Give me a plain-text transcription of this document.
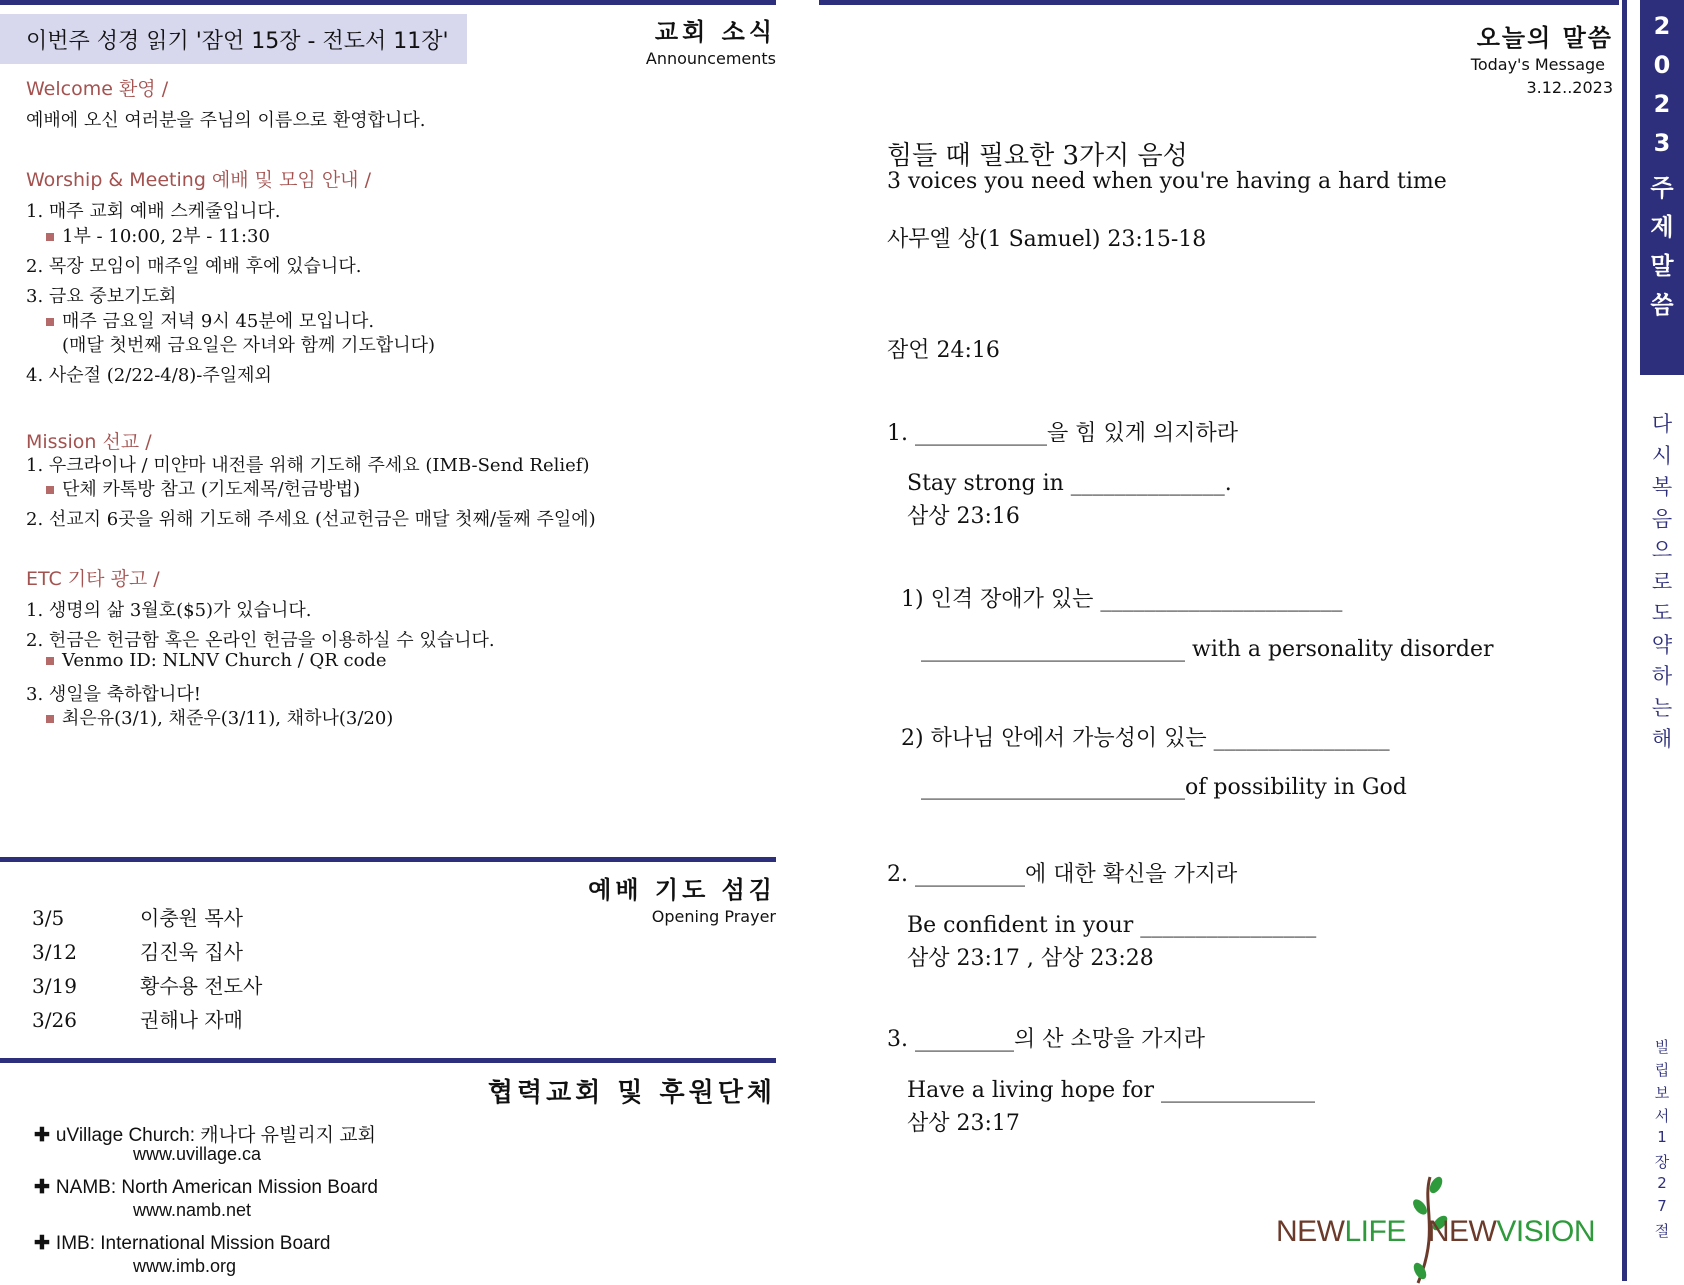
이번주 성경 읽기 '잠언 15장 - 전도서 11장'	교회 소식
Announcements
Welcome 환영 /
예배에 오신 여러분을 주님의 이름으로 환영합니다.
Worship & Meeting 예배 및 모임 안내 /
1. 매주 교회 예배 스케줄입니다.
1부 - 10:00, 2부 - 11:30
2. 목장 모임이 매주일 예배 후에 있습니다.
3. 금요 중보기도회
매주 금요일 저녁 9시 45분에 모입니다.
(매달 첫번째 금요일은 자녀와 함께 기도합니다)
4. 사순절 (2/22-4/8)-주일제외
Mission 선교 /
1. 우크라이나 / 미얀마 내전를 위해 기도해 주세요 (IMB-Send Relief)
단체 카톡방 참고 (기도제목/헌금방법)
2. 선교지 6곳을 위해 기도해 주세요 (선교헌금은 매달 첫째/둘째 주일에)
ETC 기타 광고 /
1. 생명의 삶 3월호($5)가 있습니다.
2. 헌금은 헌금함 혹은 온라인 헌금을 이용하실 수 있습니다.
Venmo ID: NLNV Church / QR code
3. 생일을 축하합니다!
최은유(3/1), 채준우(3/11), 채하나(3/20)
예배 기도 섬김
Opening Prayer
3/5	이충원 목사
3/12	김진욱 집사
3/19	황수용 전도사
3/26	권해나 자매
협력교회 및 후원단체
✚ uVillage Church: 캐나다 유빌리지 교회
www.uvillage.ca
✚ NAMB: North American Mission Board
www.namb.net
✚ IMB: International Mission Board
www.imb.org
오늘의 말씀
Today's Message
3.12..2023
힘들 때 필요한 3가지 음성
3 voices you need when you're having a hard time
사무엘 상(1 Samuel) 23:15-18
잠언 24:16
1. ____________을 힘 있게 의지하라
Stay strong in ______________.
삼상 23:16
1) 인격 장애가 있는 ______________________
________________________ with a personality disorder
2) 하나님 안에서 가능성이 있는 ________________
________________________of possibility in God
2. __________에 대한 확신을 가지라
Be confident in your ________________
삼상 23:17 , 삼상 23:28
3. _________의 산 소망을 가지라
Have a living hope for ______________
삼상 23:17
NEWLIFE NEWVISION
2
0
2
3
주
제
말
씀
다
시
복
음
으
로
도
약
하
는
해
빌
립
보
서
1
장
2
7
절
